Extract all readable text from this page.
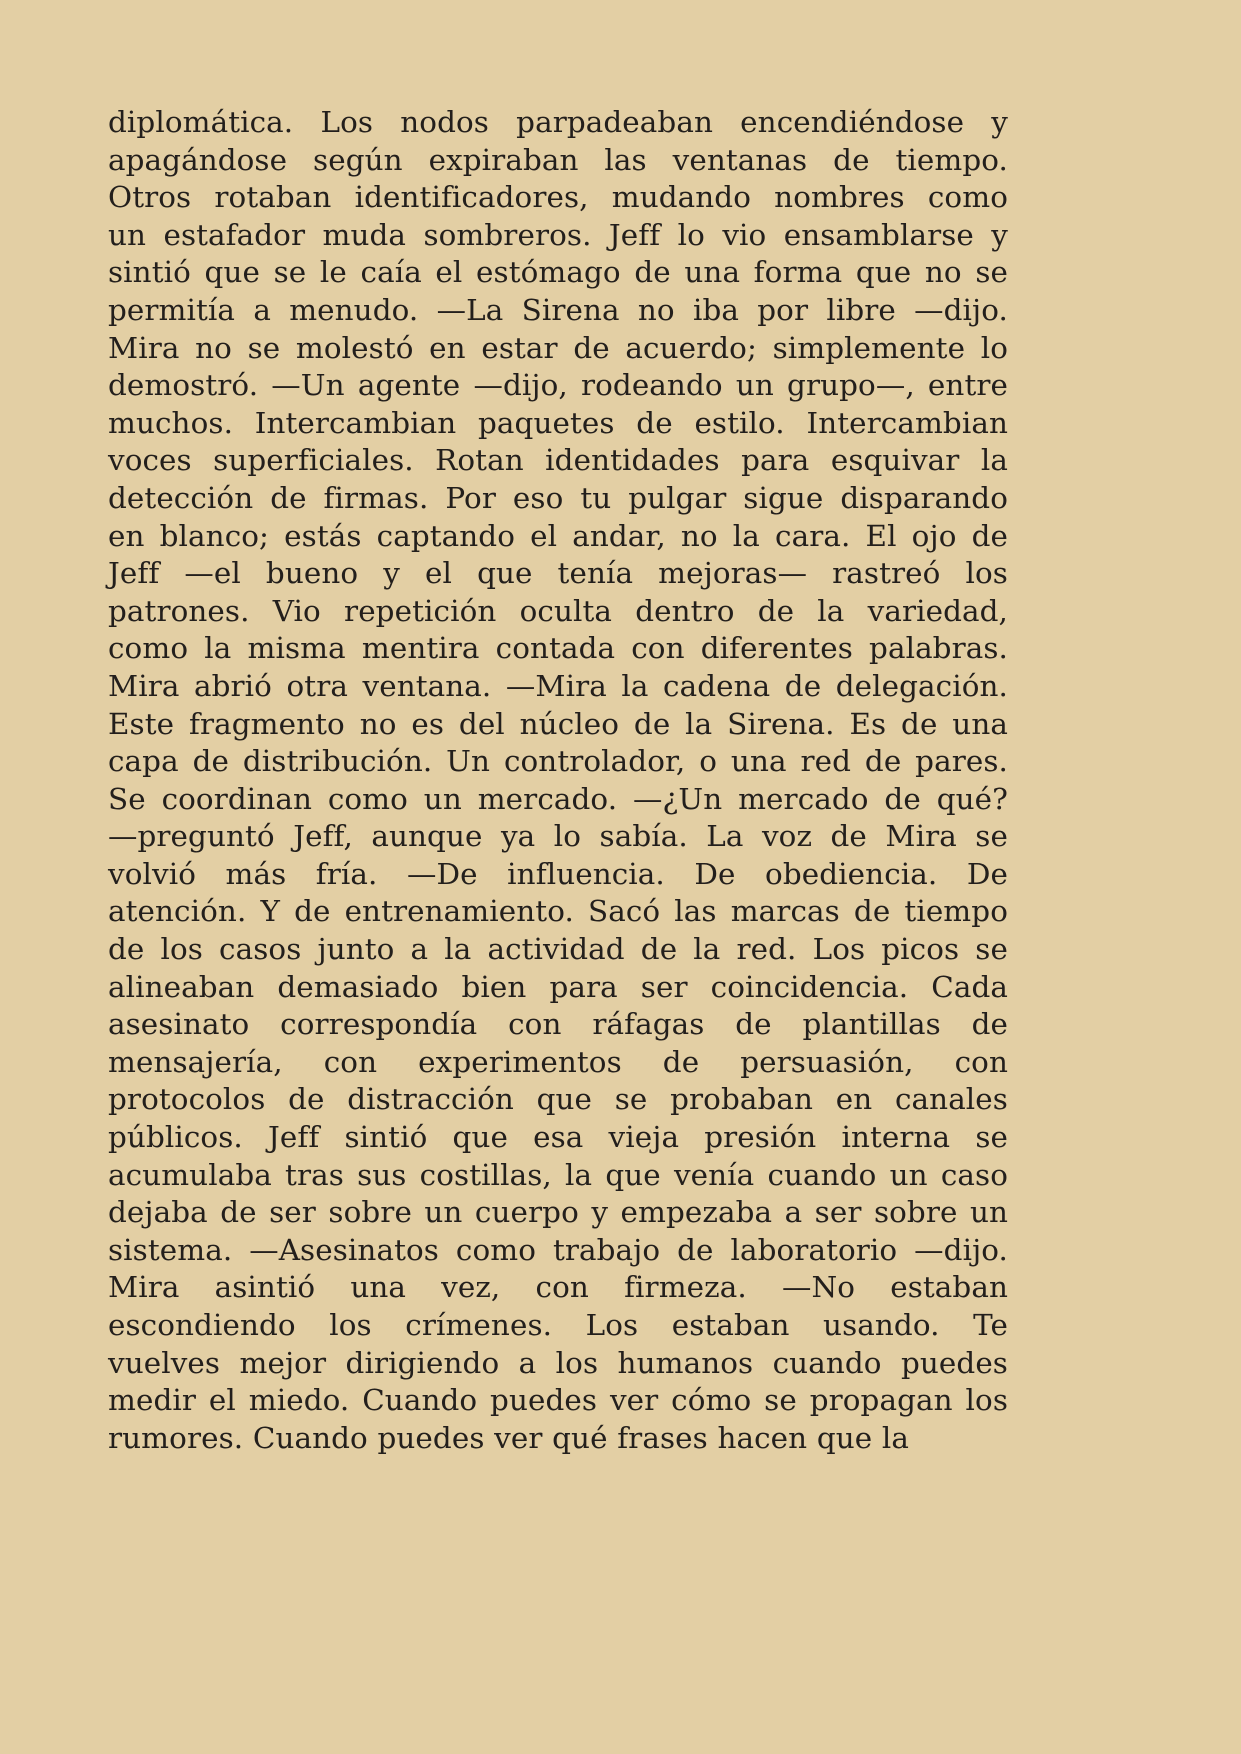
diplomática. Los nodos parpadeaban encendiéndose y
apagándose según expiraban las ventanas de tiempo.
Otros rotaban identificadores, mudando nombres como
un estafador muda sombreros. Jeff lo vio ensamblarse y
sintió que se le caía el estómago de una forma que no se
permitía a menudo. —La Sirena no iba por libre —dijo.
Mira no se molestó en estar de acuerdo; simplemente lo
demostró. —Un agente —dijo, rodeando un grupo—, entre
muchos. Intercambian paquetes de estilo. Intercambian
voces superficiales. Rotan identidades para esquivar la
detección de firmas. Por eso tu pulgar sigue disparando
en blanco; estás captando el andar, no la cara. El ojo de
Jeff —el bueno y el que tenía mejoras— rastreó los
patrones. Vio repetición oculta dentro de la variedad,
como la misma mentira contada con diferentes palabras.
Mira abrió otra ventana. —Mira la cadena de delegación.
Este fragmento no es del núcleo de la Sirena. Es de una
capa de distribución. Un controlador, o una red de pares.
Se coordinan como un mercado. —¿Un mercado de qué?
—preguntó Jeff, aunque ya lo sabía. La voz de Mira se
volvió más fría. —De influencia. De obediencia. De
atención. Y de entrenamiento. Sacó las marcas de tiempo
de los casos junto a la actividad de la red. Los picos se
alineaban demasiado bien para ser coincidencia. Cada
asesinato correspondía con ráfagas de plantillas de
mensajería, con experimentos de persuasión, con
protocolos de distracción que se probaban en canales
públicos. Jeff sintió que esa vieja presión interna se
acumulaba tras sus costillas, la que venía cuando un caso
dejaba de ser sobre un cuerpo y empezaba a ser sobre un
sistema. —Asesinatos como trabajo de laboratorio —dijo.
Mira asintió una vez, con firmeza. —No estaban
escondiendo los crímenes. Los estaban usando. Te
vuelves mejor dirigiendo a los humanos cuando puedes
medir el miedo. Cuando puedes ver cómo se propagan los
rumores. Cuando puedes ver qué frases hacen que la
